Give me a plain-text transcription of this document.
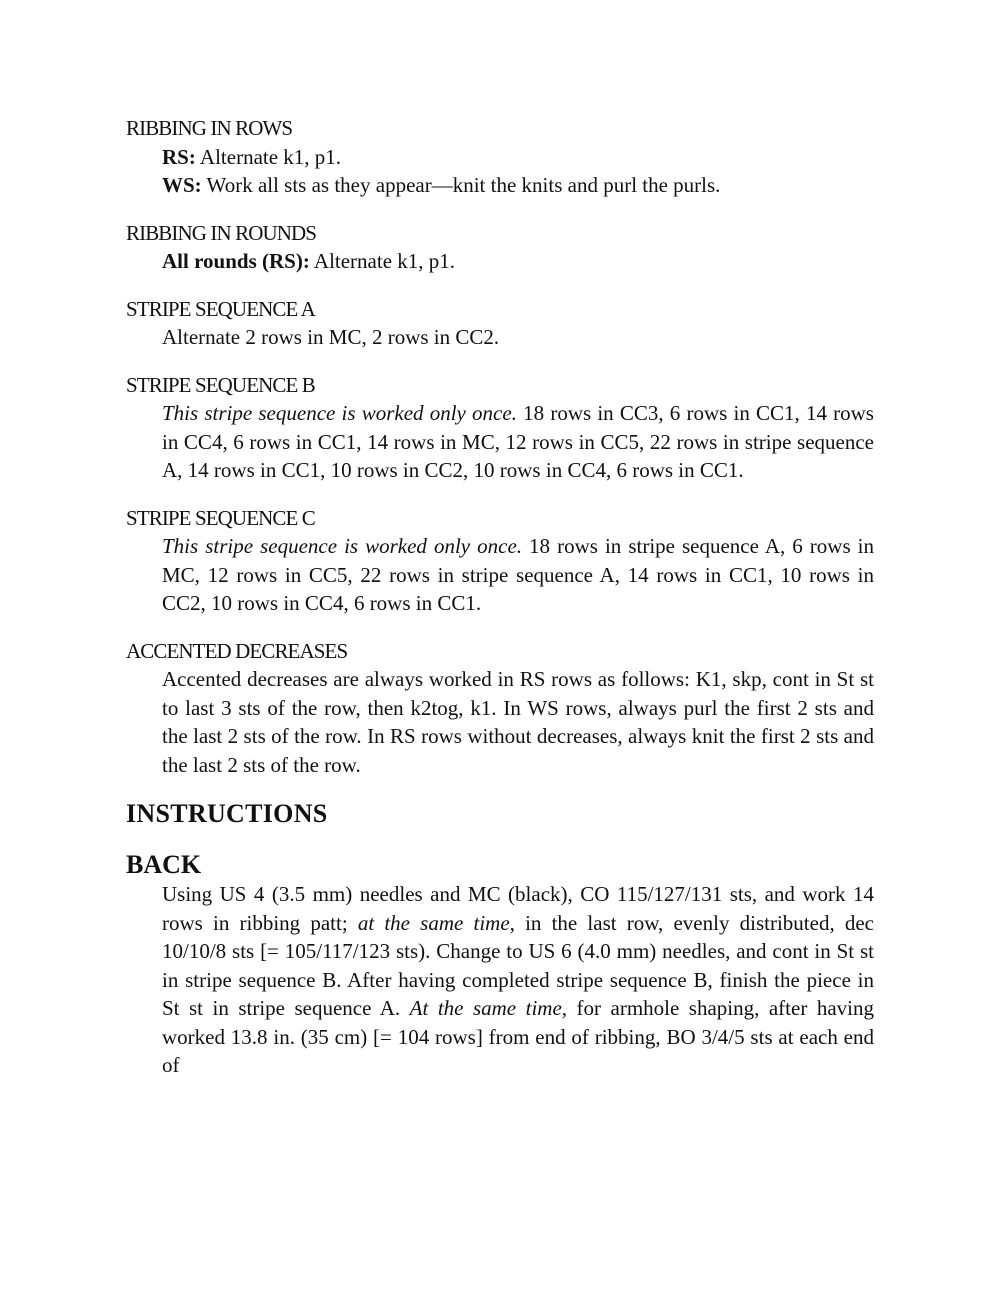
RIBBING IN ROWS

RS: Alternate k1, p1.
WS: Work all sts as they appear—knit the knits and purl the purls.

RIBBING IN ROUNDS

All rounds (RS): Alternate k1, p1.

STRIPE SEQUENCE A

Alternate 2 rows in MC, 2 rows in CC2.

STRIPE SEQUENCE B

This stripe sequence is worked only once. 18 rows in CC3, 6 rows in CC1, 14 rows in CC4, 6 rows in CC1, 14 rows in MC, 12 rows in CC5, 22 rows in stripe sequence A, 14 rows in CC1, 10 rows in CC2, 10 rows in CC4, 6 rows in CC1.

STRIPE SEQUENCE C

This stripe sequence is worked only once. 18 rows in stripe sequence A, 6 rows in MC, 12 rows in CC5, 22 rows in stripe sequence A, 14 rows in CC1, 10 rows in CC2, 10 rows in CC4, 6 rows in CC1.

ACCENTED DECREASES

Accented decreases are always worked in RS rows as follows: K1, skp, cont in St st to last 3 sts of the row, then k2tog, k1. In WS rows, always purl the first 2 sts and the last 2 sts of the row. In RS rows without decreases, always knit the first 2 sts and the last 2 sts of the row.
INSTRUCTIONS
BACK
Using US 4 (3.5 mm) needles and MC (black), CO 115/127/131 sts, and work 14 rows in ribbing patt; at the same time, in the last row, evenly distributed, dec 10/10/8 sts [= 105/117/123 sts). Change to US 6 (4.0 mm) needles, and cont in St st in stripe sequence B. After having completed stripe sequence B, finish the piece in St st in stripe sequence A. At the same time, for armhole shaping, after having worked 13.8 in. (35 cm) [= 104 rows] from end of ribbing, BO 3/4/5 sts at each end of
